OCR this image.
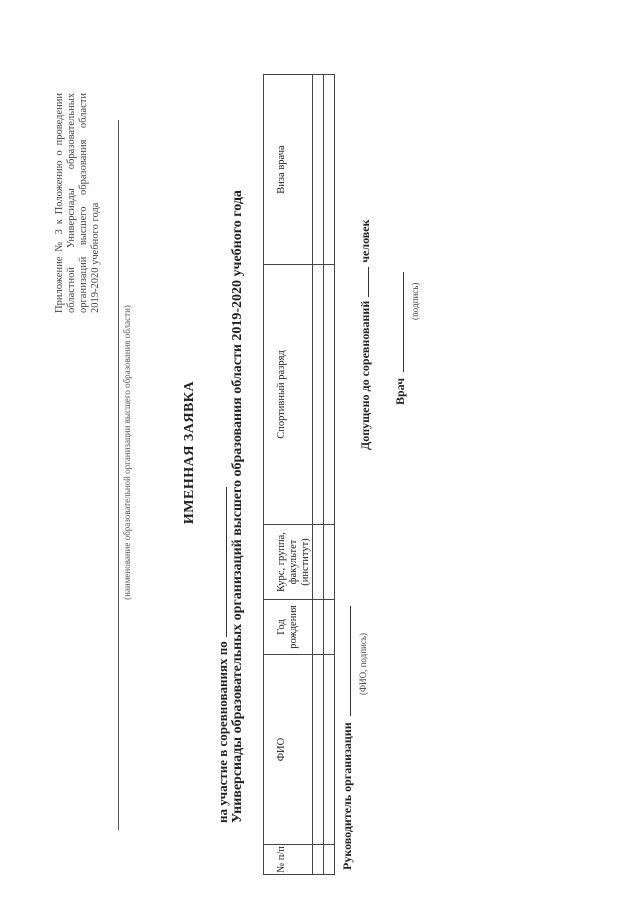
Приложение № 3 к Положению о проведении областной Универсиады образовательных организаций высшего образования области 2019-2020 учебного года
(наименование образовательной организации высшего образования области)	ИМЕННАЯ ЗАЯВКА
на участие в соревнованиях по Универсиады образовательных организаций высшего образования области 2019-2020 учебного года
№ п/п	ФИО	Год рождения	Курс, группа, факультет (институт)	Спортивный разряд	Виза врача

Руководитель организации
(ФИО, подпись)
Допущено до соревнованийчеловек
Врач
(подпись)
